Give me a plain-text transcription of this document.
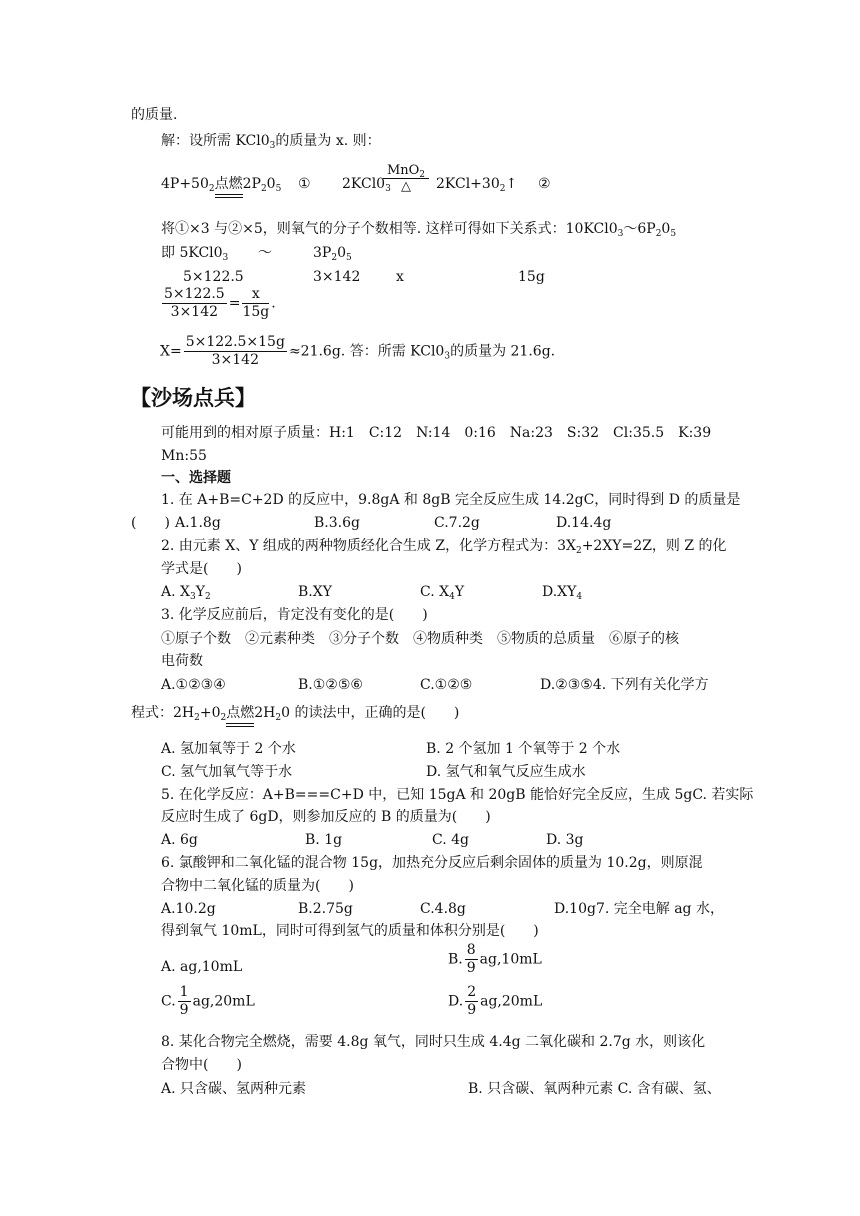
的质量.
解：设所需 $KCl0_3$的质量为 x. 则：
$4P+50_2$点燃
$2P_20_5$ ① $2KCl0_3$
MnO$_2$
△	$2KCl+30_2↑$ ②
将①×3 与②×5，则氧气的分子个数相等. 这样可得如下关系式：$10KCl0_3\sim 6P_20_5$
即 $5KCl0_3$ ～	$3P_20_5$
5×122.5	3×142	x	15g
$\frac{5\times 122.5}{3\times 142} = \frac{x}{15g}$ .
$X= \frac{5\times 122.5\times 15g}{3\times 142} \approx 21.6g$. 答：所需 $KCl0_3$的质量为 21.6g.
【沙场点兵】
可能用到的相对原子质量：H:1　C:12　N:14　0:16　Na:23　S:32　Cl:35.5　K:39
Mn:55
一、选择题
1. 在 A+B=C+2D 的反应中，9.8gA 和 8gB 完全反应生成 14.2gC，同时得到 D 的质量是
(　　) A.1.8g	B.3.6g	C.7.2g	D.14.4g
2. 由元素 X、Y 组成的两种物质经化合生成 Z，化学方程式为：$3X_2+2XY=2Z$，则 Z 的化
学式是(　　)
A. $X_3Y_2$	B.XY	C. $X_4Y$	$D.XY_4$
3. 化学反应前后，肯定没有变化的是(　　)
①原子个数　②元素种类　③分子个数　④物质种类　⑤物质的总质量　⑥原子的核
电荷数
A.①②③④	B.①②⑤⑥	C.①②⑤	D.②③⑤4. 下列有关化学方
程式：$2H_2+0_2$点燃
$2H_20$ 的读法中，正确的是(　　)
A. 氢加氧等于 2 个水	B. 2 个氢加 1 个氧等于 2 个水
C. 氢气加氧气等于水	D. 氢气和氧气反应生成水
5. 在化学反应：A+B===C+D 中，已知 15gA 和 20gB 能恰好完全反应，生成 5gC. 若实际
反应时生成了 6gD，则参加反应的 B 的质量为(　　)
A. 6g	B. 1g	C. 4g	D. 3g
6. 氯酸钾和二氧化锰的混合物 15g，加热充分反应后剩余固体的质量为 10.2g，则原混
合物中二氧化锰的质量为(　　)
A.10.2g	B.2.75g	C.4.8g	D.10g7. 完全电解 ag 水，
得到氧气 10mL，同时可得到氢气的质量和体积分别是(　　)
A. ag,10mL	B. $\frac{8}{9} ag,10mL$
C. $\frac{1}{9} ag,20mL$	D. $\frac{2}{9} ag,20mL$
8. 某化合物完全燃烧，需要 4.8g 氧气，同时只生成 4.4g 二氧化碳和 2.7g 水，则该化
合物中(　　)
A. 只含碳、氢两种元素	B. 只含碳、氧两种元素 C. 含有碳、氢、
